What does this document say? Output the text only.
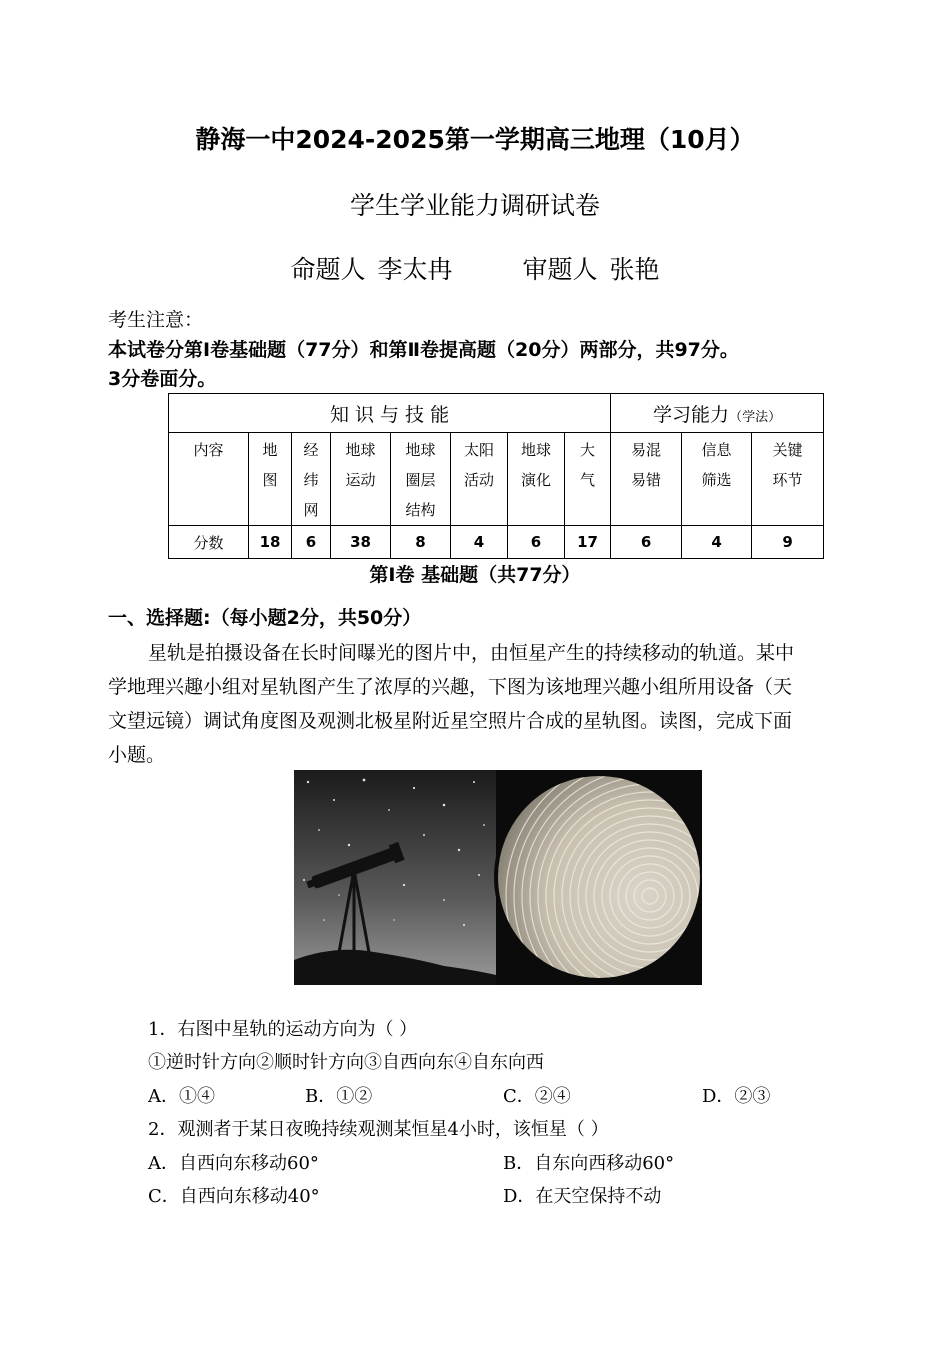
静海一中2024-2025第一学期高三地理（10月）
学生学业能力调研试卷
命题人 李太冉	审题人 张艳
考生注意：
本试卷分第Ⅰ卷基础题（77分）和第Ⅱ卷提高题（20分）两部分，共97分。
3分卷面分。
知 识 与 技 能								学习能力（学法）		
内容	地图	经纬网	地球运动	地球圈层结构	太阳活动	地球演化	大气	易混易错	信息筛选	关键环节

分数	18	6	38	8	4	6	17	6	4	9
第Ⅰ卷 基础题（共77分）
一、选择题:（每小题2分，共50分）
星轨是拍摄设备在长时间曝光的图片中，由恒星产生的持续移动的轨道。某中
学地理兴趣小组对星轨图产生了浓厚的兴趣，下图为该地理兴趣小组所用设备（天
文望远镜）调试角度图及观测北极星附近星空照片合成的星轨图。读图，完成下面
小题。
1．右图中星轨的运动方向为（ ）
①逆时针方向②顺时针方向③自西向东④自东向西
A．①④	B．①②	C．②④	D．②③
2．观测者于某日夜晚持续观测某恒星4小时，该恒星（ ）
A．自西向东移动60°	B．自东向西移动60°
C．自西向东移动40°	D．在天空保持不动
